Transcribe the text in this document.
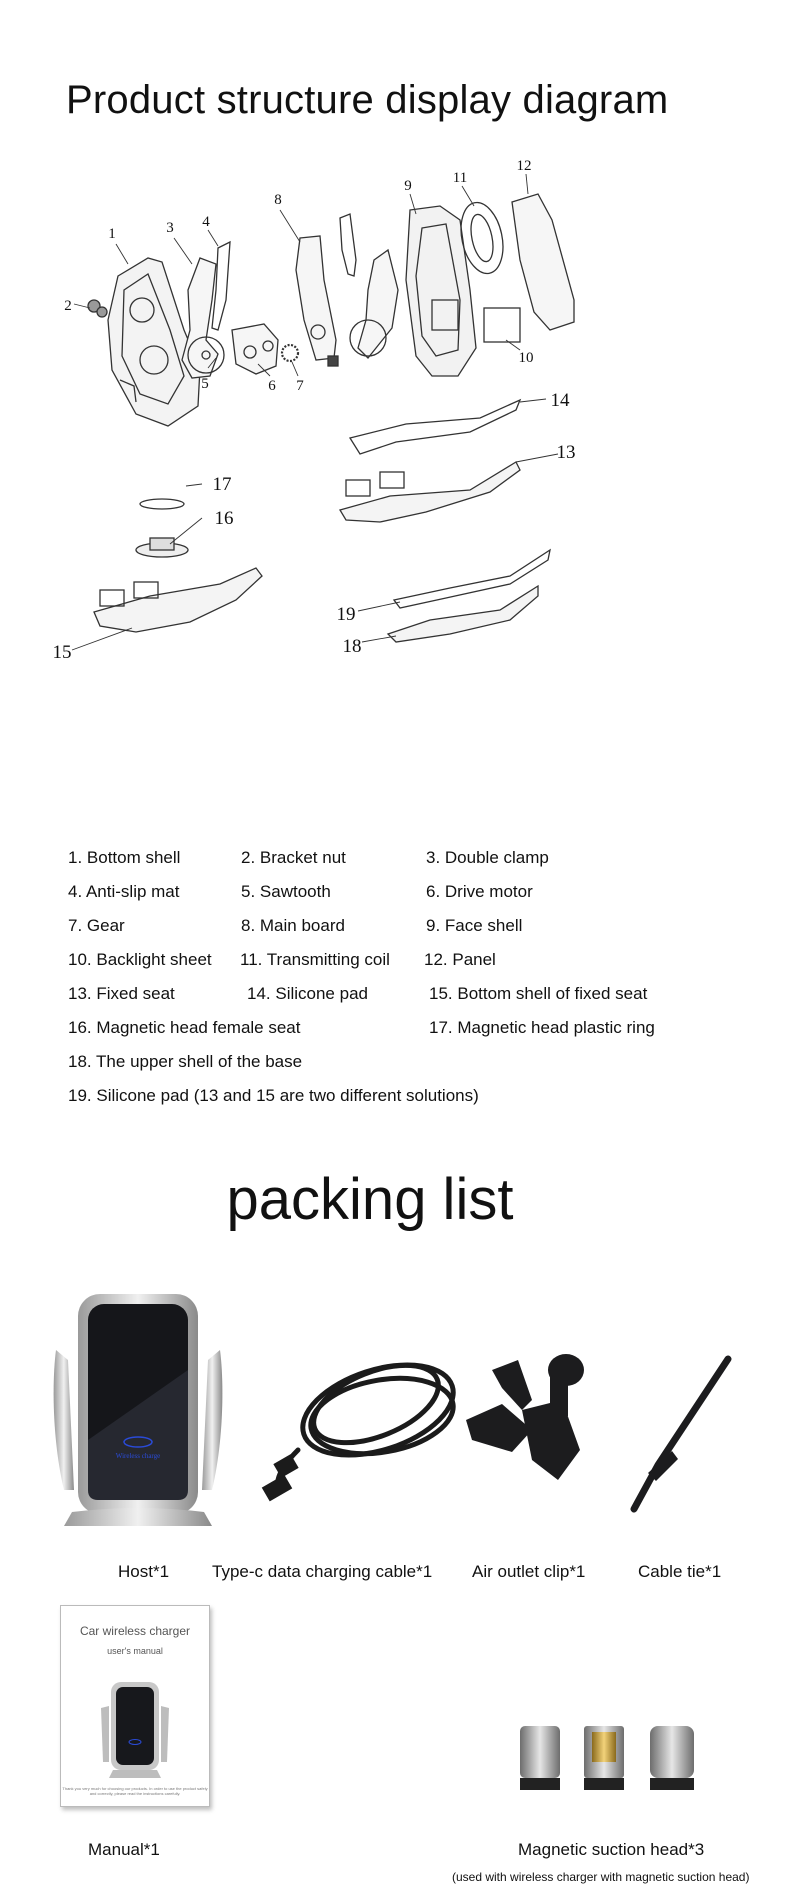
Product structure display diagram
1
2
3 4
5	6 7
8
9
10
11
12
13
14
15
16
17
18
19
1. Bottom shell	2. Bracket nut	3. Double clamp
4. Anti-slip mat	5. Sawtooth	6. Drive motor
7. Gear	8. Main board	9. Face shell
10. Backlight sheet 11. Transmitting coil 12. Panel
13. Fixed seat	14. Silicone pad	15. Bottom shell of fixed seat
16. Magnetic head female seat	17. Magnetic head plastic ring
18. The upper shell of the base
19. Silicone pad (13 and 15 are two different solutions)
packing list
Wireless charge
Host*1	Type-c data charging cable*1 Air outlet clip*1	Cable tie*1
Car wireless charger
user's manual
Thank you very much for choosing our products. In order to use the product safely and correctly, please read the instructions carefully.
Manual*1	Magnetic suction head*3
(used with wireless charger with magnetic suction head)
